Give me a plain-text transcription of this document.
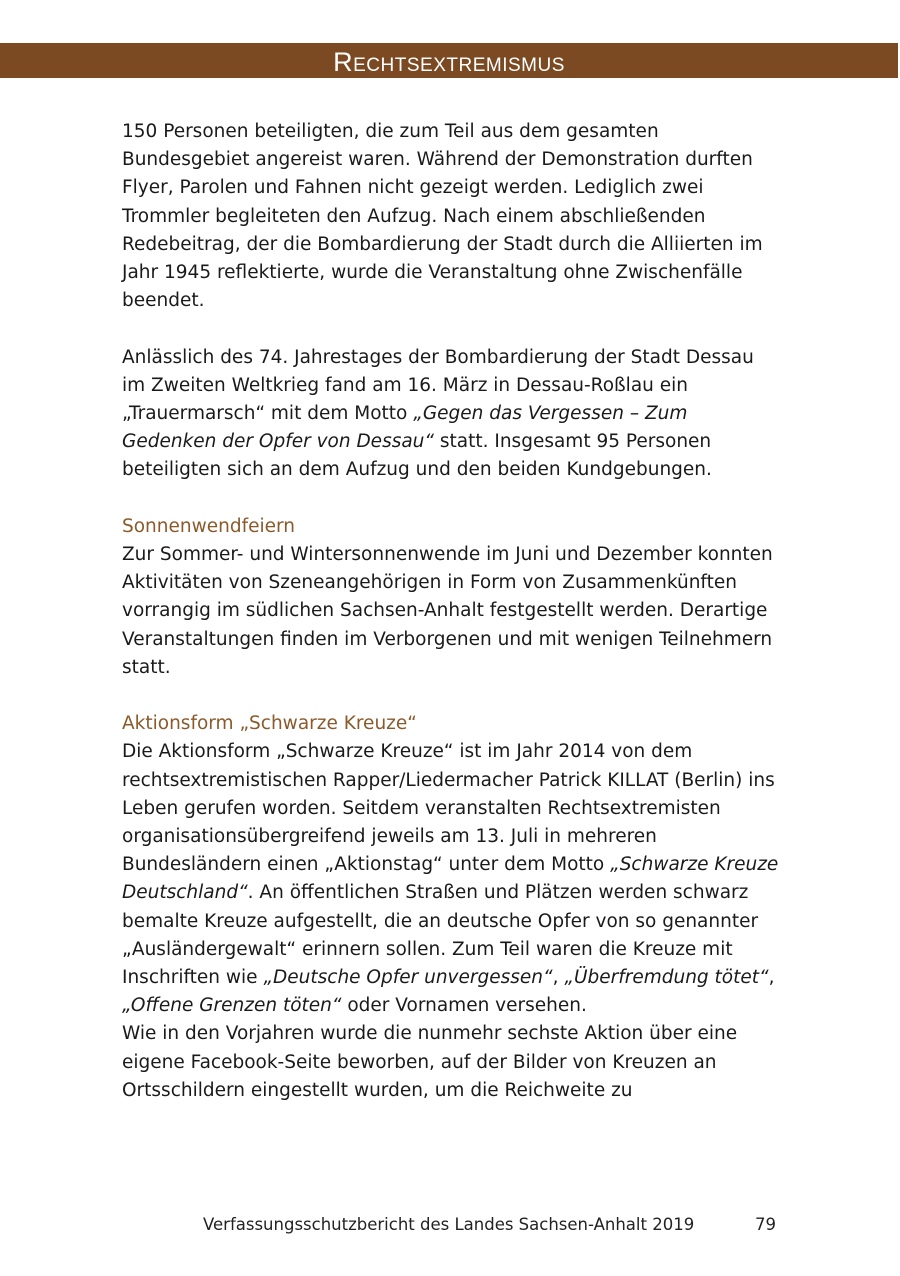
Rechtsextremismus

150 Personen beteiligten, die zum Teil aus dem gesamten Bundesgebiet angereist waren. Während der Demonstration durften Flyer, Parolen und Fahnen nicht gezeigt werden. Lediglich zwei Trommler begleiteten den Aufzug. Nach einem abschließenden Redebeitrag, der die Bombardierung der Stadt durch die Alliierten im Jahr 1945 reflektierte, wurde die Veranstaltung ohne Zwischenfälle beendet.

Anlässlich des 74. Jahrestages der Bombardierung der Stadt Dessau im Zweiten Weltkrieg fand am 16. März in Dessau-Roßlau ein „Trauermarsch“ mit dem Motto „Gegen das Vergessen – Zum Gedenken der Opfer von Dessau“ statt. Insgesamt 95 Personen beteiligten sich an dem Aufzug und den beiden Kundgebungen.

Sonnenwendfeiern

Zur Sommer- und Wintersonnenwende im Juni und Dezember konnten Aktivitäten von Szeneangehörigen in Form von Zusammenkünften vorrangig im südlichen Sachsen-Anhalt festgestellt werden. Derartige Veranstaltungen finden im Verborgenen und mit wenigen Teilnehmern statt.

Aktionsform „Schwarze Kreuze“

Die Aktionsform „Schwarze Kreuze“ ist im Jahr 2014 von dem rechtsextremistischen Rapper/Liedermacher Patrick KILLAT (Berlin) ins Leben gerufen worden. Seitdem veranstalten Rechtsextremisten organisationsübergreifend jeweils am 13. Juli in mehreren Bundesländern einen „Aktionstag“ unter dem Motto „Schwarze Kreuze Deutschland“. An öffentlichen Straßen und Plätzen werden schwarz bemalte Kreuze aufgestellt, die an deutsche Opfer von so genannter „Ausländergewalt“ erinnern sollen. Zum Teil waren die Kreuze mit Inschriften wie „Deutsche Opfer unvergessen“, „Überfremdung tötet“, „Offene Grenzen töten“ oder Vornamen versehen.

Wie in den Vorjahren wurde die nunmehr sechste Aktion über eine eigene Facebook-Seite beworben, auf der Bilder von Kreuzen an Ortsschildern eingestellt wurden, um die Reichweite zu

Verfassungsschutzbericht des Landes Sachsen-Anhalt 2019	79
